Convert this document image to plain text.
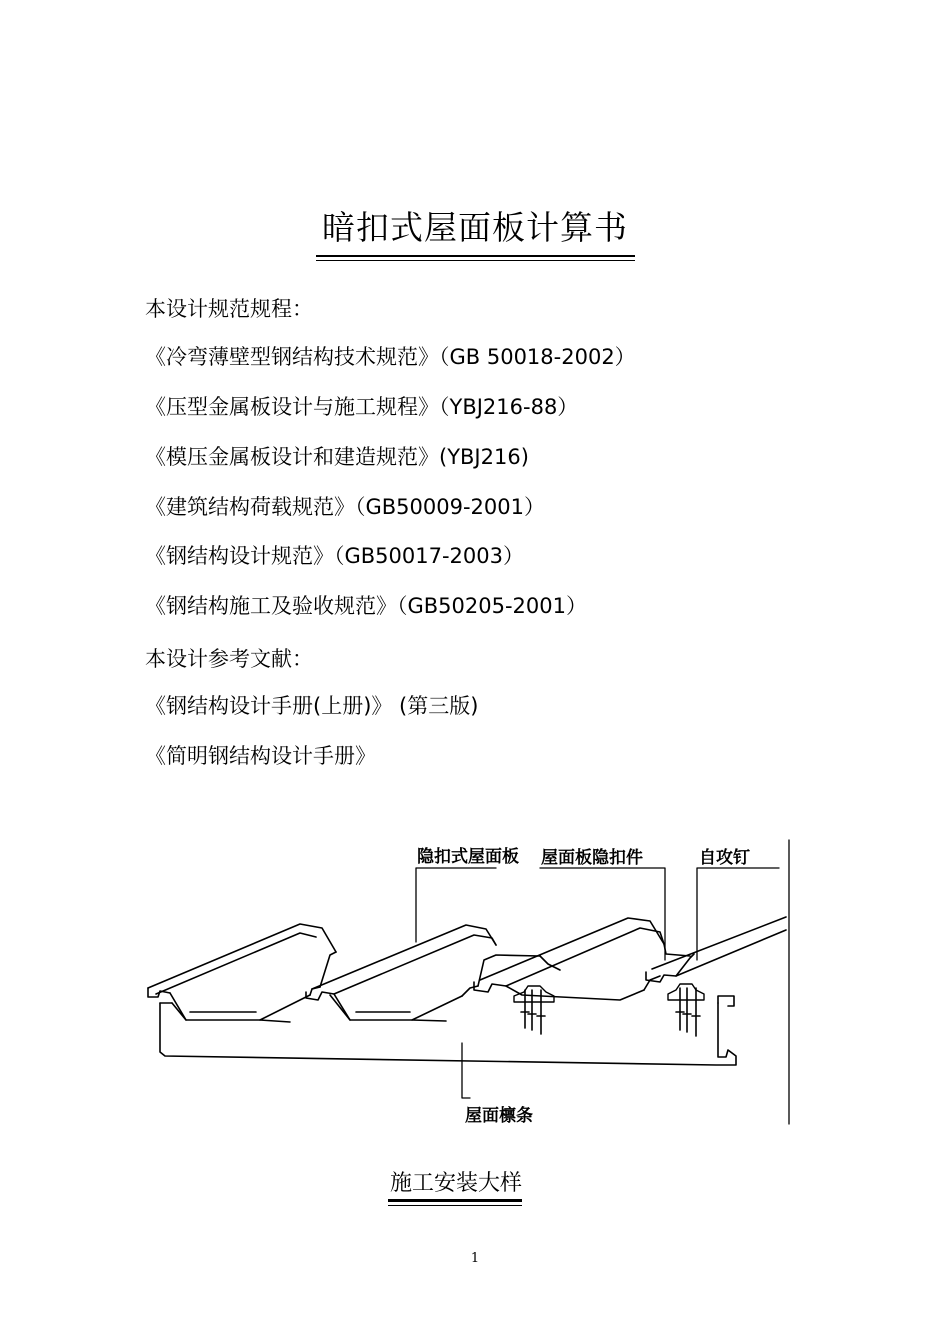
暗扣式屋面板计算书
本设计规范规程：
《冷弯薄壁型钢结构技术规范》（GB 50018-2002）
《压型金属板设计与施工规程》（YBJ216-88）
《模压金属板设计和建造规范》(YBJ216)
《建筑结构荷载规范》（GB50009-2001）
《钢结构设计规范》（GB50017-2003）
《钢结构施工及验收规范》（GB50205-2001）
本设计参考文献：
《钢结构设计手册(上册)》 (第三版)
《简明钢结构设计手册》
隐扣式屋面板 屋面板隐扣件	自攻钉
屋面檩条
施工安装大样
1
